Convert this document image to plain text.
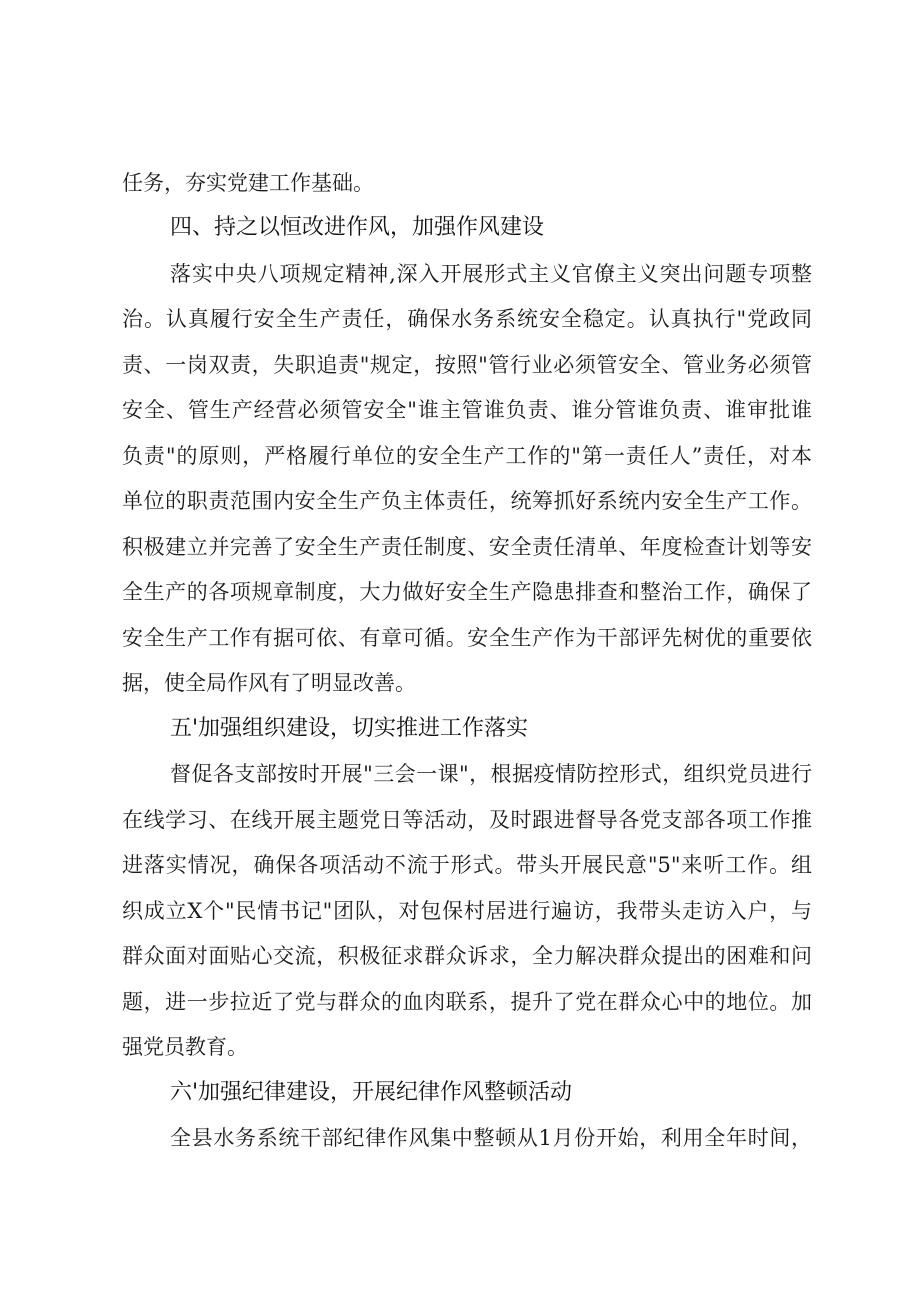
任务，夯实党建工作基础。
四、持之以恒改进作风，加强作风建设
落实中央八项规定精神,深入开展形式主义官僚主义突出问题专项整
治。认真履行安全生产责任，确保水务系统安全稳定。认真执行"党政同
责、一岗双责，失职追责"规定，按照"管行业必须管安全、管业务必须管
安全、管生产经营必须管安全"谁主管谁负责、谁分管谁负责、谁审批谁
负责"的原则，严格履行单位的安全生产工作的"第一责任人”责任，对本
单位的职责范围内安全生产负主体责任，统筹抓好系统内安全生产工作。
积极建立并完善了安全生产责任制度、安全责任清单、年度检查计划等安
全生产的各项规章制度，大力做好安全生产隐患排查和整治工作，确保了
安全生产工作有据可依、有章可循。安全生产作为干部评先树优的重要依
据，使全局作风有了明显改善。
五'加强组织建设，切实推进工作落实
督促各支部按时开展"三会一课"，根据疫情防控形式，组织党员进行
在线学习、在线开展主题党日等活动，及时跟进督导各党支部各项工作推
进落实情况，确保各项活动不流于形式。带头开展民意"5"来听工作。组
织成立X个"民情书记"团队，对包保村居进行遍访，我带头走访入户，与
群众面对面贴心交流，积极征求群众诉求，全力解决群众提出的困难和问
题，进一步拉近了党与群众的血肉联系，提升了党在群众心中的地位。加
强党员教育。
六'加强纪律建设，开展纪律作风整顿活动
全县水务系统干部纪律作风集中整顿从1月份开始，利用全年时间，
